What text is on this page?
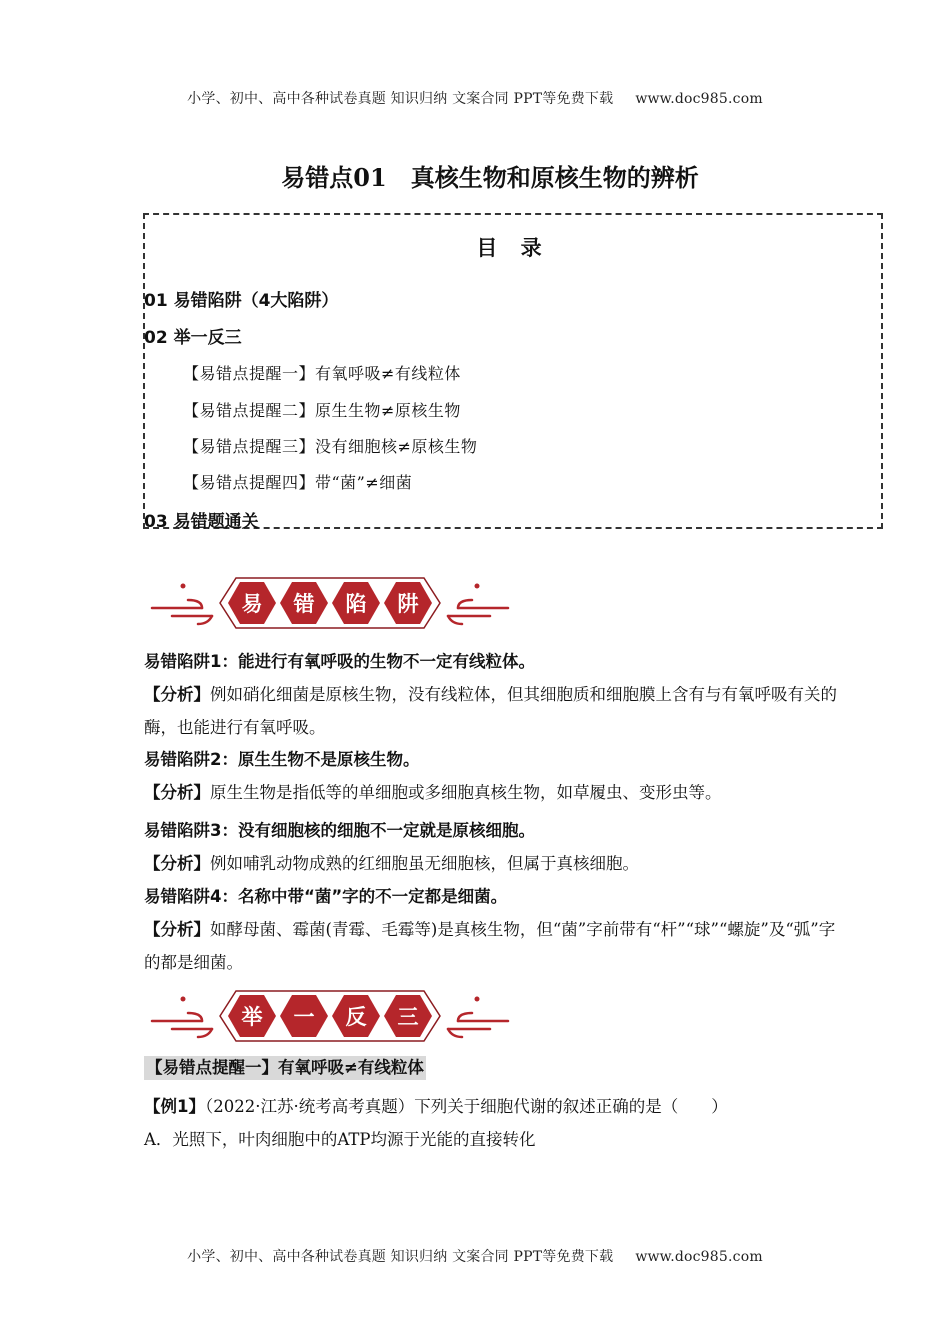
小学、初中、高中各种试卷真题 知识归纳 文案合同 PPT等免费下载 www.doc985.com
易错点01　真核生物和原核生物的辨析
目 录
01 易错陷阱（4大陷阱）
02 举一反三
【易错点提醒一】有氧呼吸≠有线粒体
【易错点提醒二】原生生物≠原核生物
【易错点提醒三】没有细胞核≠原核生物
【易错点提醒四】带“菌”≠细菌
03 易错题通关
易 错 陷 阱
易错陷阱1：能进行有氧呼吸的生物不一定有线粒体。
【分析】例如硝化细菌是原核生物，没有线粒体，但其细胞质和细胞膜上含有与有氧呼吸有关的酶，也能进行有氧呼吸。
易错陷阱2：原生生物不是原核生物。
【分析】原生生物是指低等的单细胞或多细胞真核生物，如草履虫、变形虫等。
易错陷阱3：没有细胞核的细胞不一定就是原核细胞。
【分析】例如哺乳动物成熟的红细胞虽无细胞核，但属于真核细胞。
易错陷阱4：名称中带“菌”字的不一定都是细菌。
【分析】如酵母菌、霉菌(青霉、毛霉等)是真核生物，但“菌”字前带有“杆”“球”“螺旋”及“弧”字的都是细菌。
举 一 反 三
【易错点提醒一】有氧呼吸≠有线粒体
【例1】（2022·江苏·统考高考真题）下列关于细胞代谢的叙述正确的是（　　）
A．光照下，叶肉细胞中的ATP均源于光能的直接转化
小学、初中、高中各种试卷真题 知识归纳 文案合同 PPT等免费下载 www.doc985.com
